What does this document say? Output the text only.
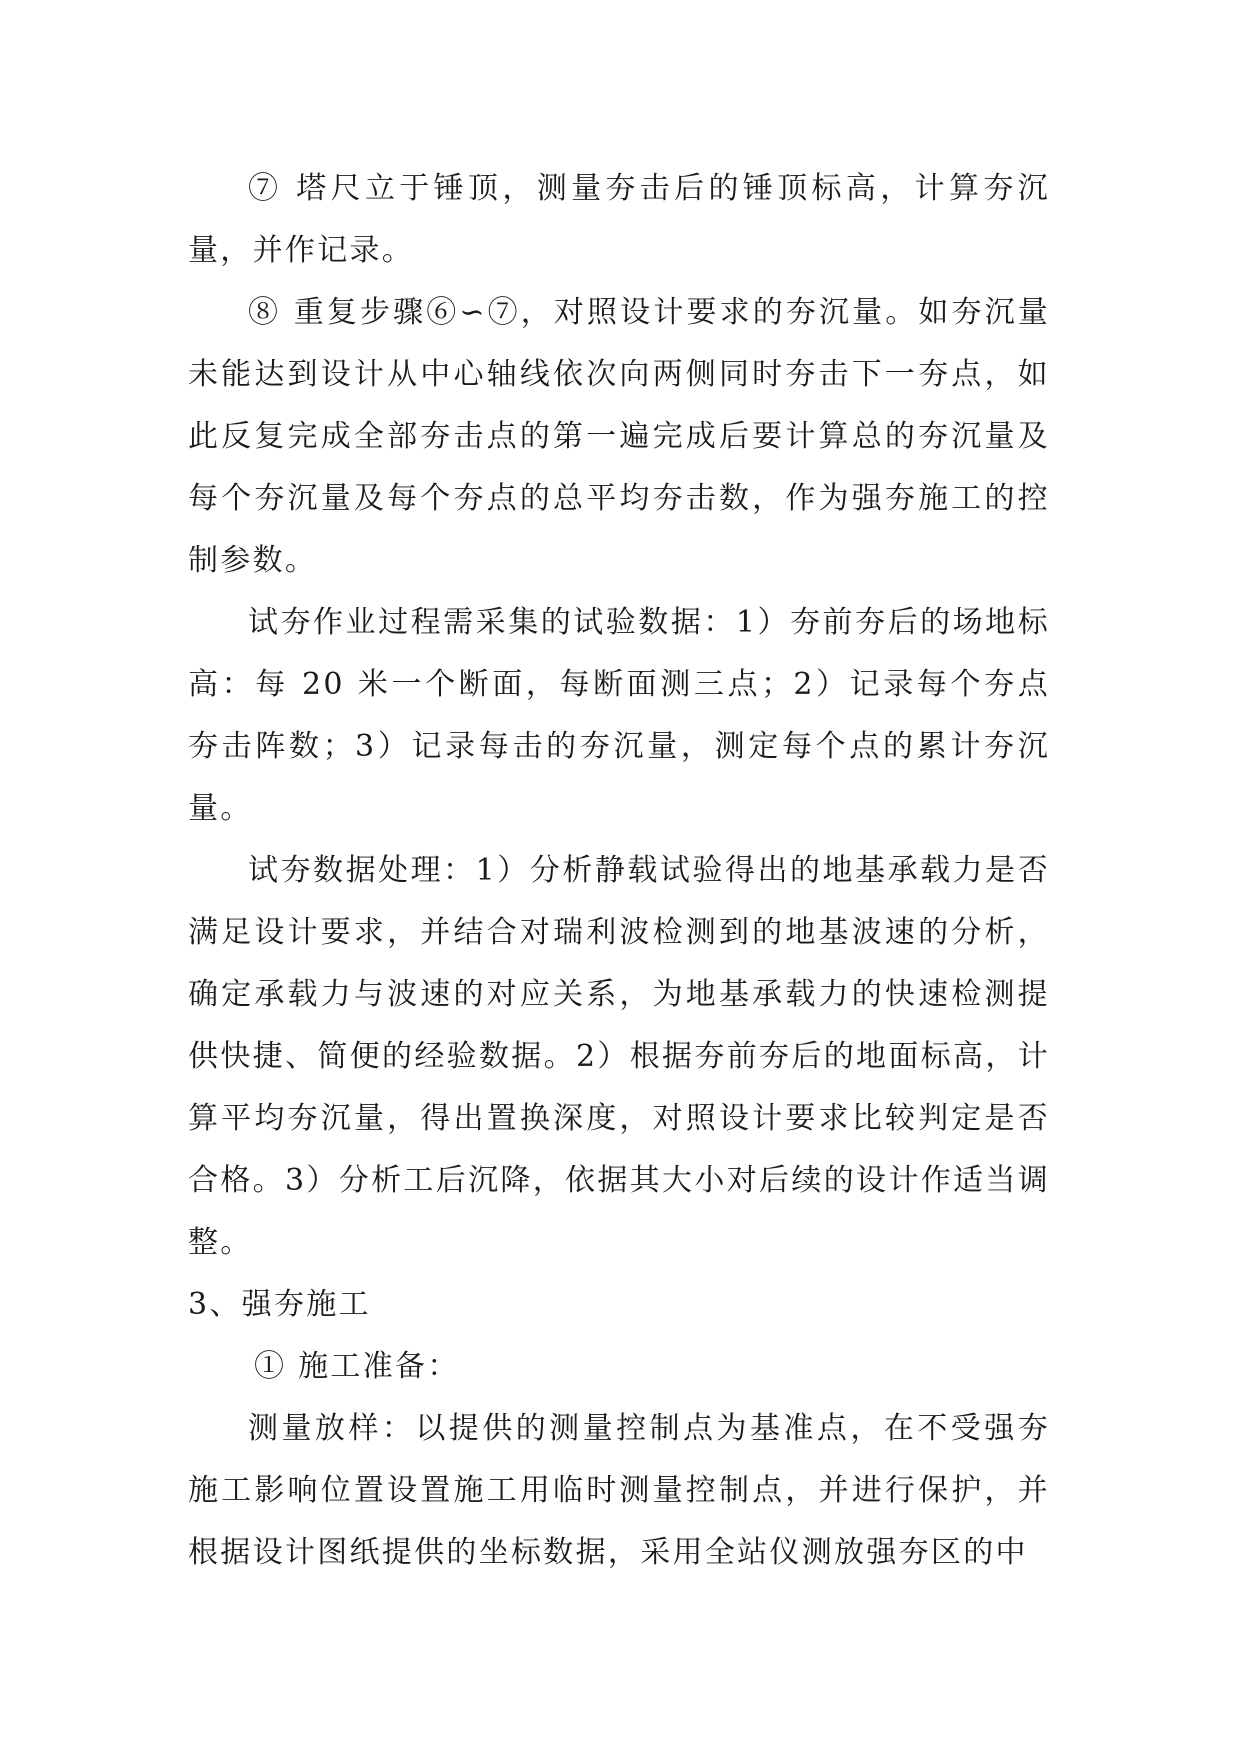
⑦ 塔尺立于锤顶，测量夯击后的锤顶标高，计算夯沉量，并作记录。

⑧ 重复步骤⑥∽⑦，对照设计要求的夯沉量。如夯沉量未能达到设计从中心轴线依次向两侧同时夯击下一夯点，如此反复完成全部夯击点的第一遍完成后要计算总的夯沉量及每个夯沉量及每个夯点的总平均夯击数，作为强夯施工的控制参数。

试夯作业过程需采集的试验数据：1）夯前夯后的场地标高：每 20 米一个断面，每断面测三点；2）记录每个夯点夯击阵数；3）记录每击的夯沉量，测定每个点的累计夯沉量。

试夯数据处理：1）分析静载试验得出的地基承载力是否满足设计要求，并结合对瑞利波检测到的地基波速的分析，确定承载力与波速的对应关系，为地基承载力的快速检测提供快捷、简便的经验数据。2）根据夯前夯后的地面标高，计算平均夯沉量，得出置换深度，对照设计要求比较判定是否合格。3）分析工后沉降，依据其大小对后续的设计作适当调整。

3、强夯施工

① 施工准备：

测量放样：以提供的测量控制点为基准点，在不受强夯施工影响位置设置施工用临时测量控制点，并进行保护，并根据设计图纸提供的坐标数据，采用全站仪测放强夯区的中
